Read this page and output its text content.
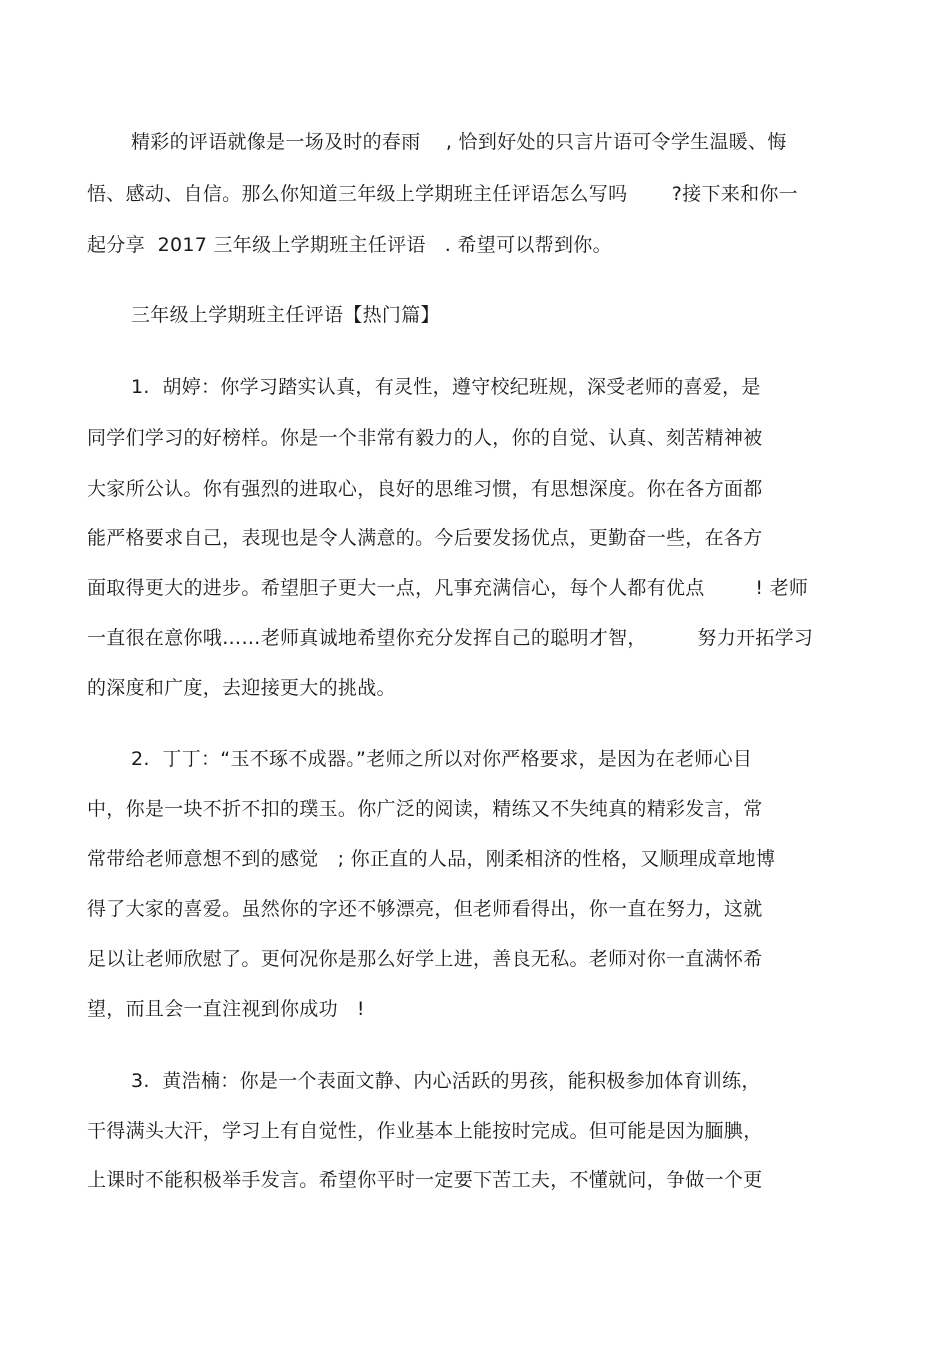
精彩的评语就像是一场及时的春雨    , 恰到好处的只言片语可令学生温暖、悔
悟、感动、自信。那么你知道三年级上学期班主任评语怎么写吗       ?接下来和你一
起分享  2017 三年级上学期班主任评语   . 希望可以帮到你。
三年级上学期班主任评语【热门篇】
1.  胡婷：你学习踏实认真，有灵性，遵守校纪班规，深受老师的喜爱，是
同学们学习的好榜样。你是一个非常有毅力的人，你的自觉、认真、刻苦精神被
大家所公认。你有强烈的进取心，良好的思维习惯，有思想深度。你在各方面都
能严格要求自己，表现也是令人满意的。今后要发扬优点，更勤奋一些，在各方
面取得更大的进步。希望胆子更大一点，凡事充满信心，每个人都有优点        ! 老师
一直很在意你哦……老师真诚地希望你充分发挥自己的聪明才智，        努力开拓学习
的深度和广度，去迎接更大的挑战。
2.  丁丁：“玉不琢不成器。”老师之所以对你严格要求，是因为在老师心目
中，你是一块不折不扣的璞玉。你广泛的阅读，精练又不失纯真的精彩发言，常
常带给老师意想不到的感觉   ; 你正直的人品，刚柔相济的性格，又顺理成章地博
得了大家的喜爱。虽然你的字还不够漂亮，但老师看得出，你一直在努力，这就
足以让老师欣慰了。更何况你是那么好学上进，善良无私。老师对你一直满怀希
望，而且会一直注视到你成功   !
3.  黄浩楠：你是一个表面文静、内心活跃的男孩，能积极参加体育训练，
干得满头大汗，学习上有自觉性，作业基本上能按时完成。但可能是因为腼腆，
上课时不能积极举手发言。希望你平时一定要下苦工夫，不懂就问，争做一个更
